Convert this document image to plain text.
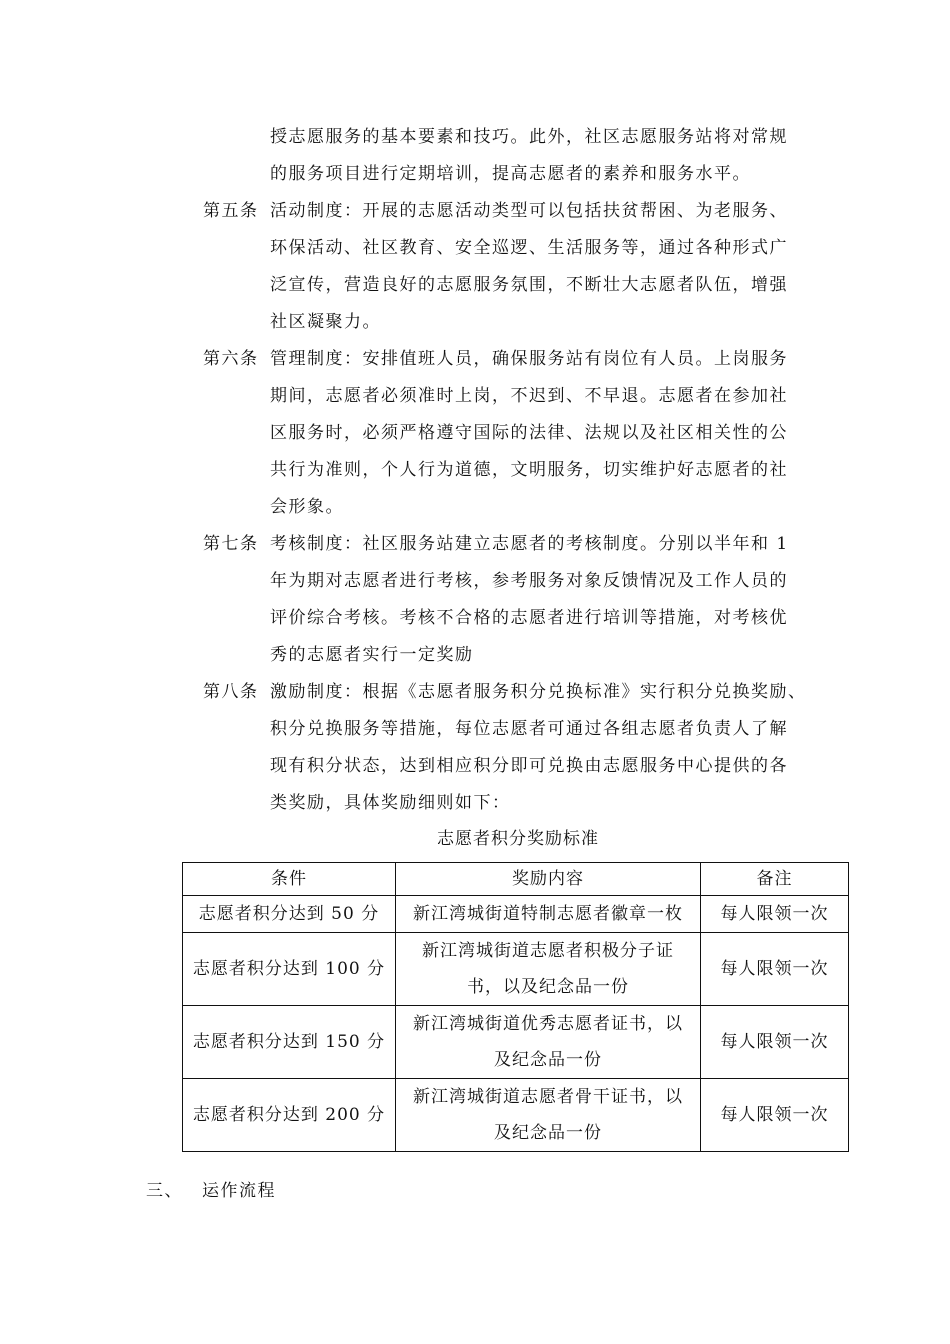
授志愿服务的基本要素和技巧。此外，社区志愿服务站将对常规
的服务项目进行定期培训，提高志愿者的素养和服务水平。
第五条 活动制度：开展的志愿活动类型可以包括扶贫帮困、为老服务、
环保活动、社区教育、安全巡逻、生活服务等，通过各种形式广
泛宣传，营造良好的志愿服务氛围，不断壮大志愿者队伍，增强
社区凝聚力。
第六条 管理制度：安排值班人员，确保服务站有岗位有人员。上岗服务
期间，志愿者必须准时上岗，不迟到、不早退。志愿者在参加社
区服务时，必须严格遵守国际的法律、法规以及社区相关性的公
共行为准则，个人行为道德，文明服务，切实维护好志愿者的社
会形象。
第七条 考核制度：社区服务站建立志愿者的考核制度。分别以半年和 1
年为期对志愿者进行考核，参考服务对象反馈情况及工作人员的
评价综合考核。考核不合格的志愿者进行培训等措施，对考核优
秀的志愿者实行一定奖励
第八条 激励制度：根据《志愿者服务积分兑换标准》实行积分兑换奖励、
积分兑换服务等措施，每位志愿者可通过各组志愿者负责人了解
现有积分状态，达到相应积分即可兑换由志愿服务中心提供的各
类奖励，具体奖励细则如下：
志愿者积分奖励标准
条件	奖励内容	备注
志愿者积分达到 50 分	新江湾城街道特制志愿者徽章一枚	每人限领一次
志愿者积分达到 100 分	新江湾城街道志愿者积极分子证
书，以及纪念品一份	每人限领一次
志愿者积分达到 150 分	新江湾城街道优秀志愿者证书，以
及纪念品一份	每人限领一次
志愿者积分达到 200 分	新江湾城街道志愿者骨干证书，以
及纪念品一份	每人限领一次
三、 运作流程
